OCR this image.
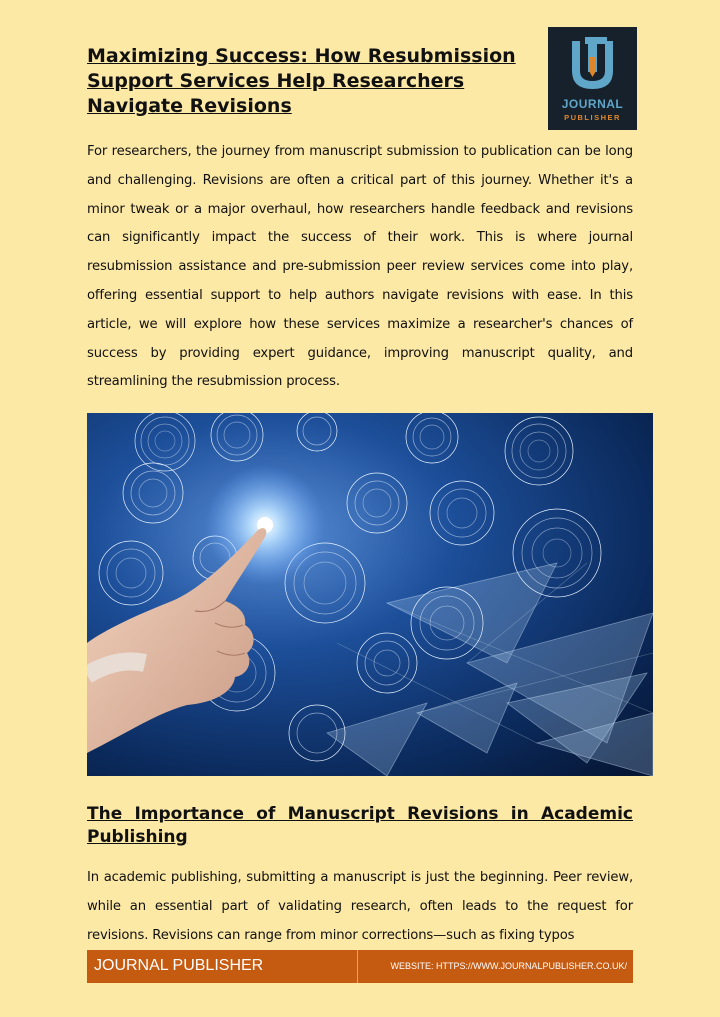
Maximizing Success: How Resubmission Support Services Help Researchers Navigate Revisions	JOURNAL
PUBLISHER

For researchers, the journey from manuscript submission to publication can be long and challenging. Revisions are often a critical part of this journey. Whether it's a minor tweak or a major overhaul, how researchers handle feedback and revisions can significantly impact the success of their work. This is where journal resubmission assistance and pre-submission peer review services come into play, offering essential support to help authors navigate revisions with ease. In this article, we will explore how these services maximize a researcher's chances of success by providing expert guidance, improving manuscript quality, and streamlining the resubmission process.

The Importance of Manuscript Revisions in Academic Publishing

In academic publishing, submitting a manuscript is just the beginning. Peer review, while an essential part of validating research, often leads to the request for revisions. Revisions can range from minor corrections—such as fixing typos

JOURNAL PUBLISHER	WEBSITE: HTTPS://WWW.JOURNALPUBLISHER.CO.UK/
